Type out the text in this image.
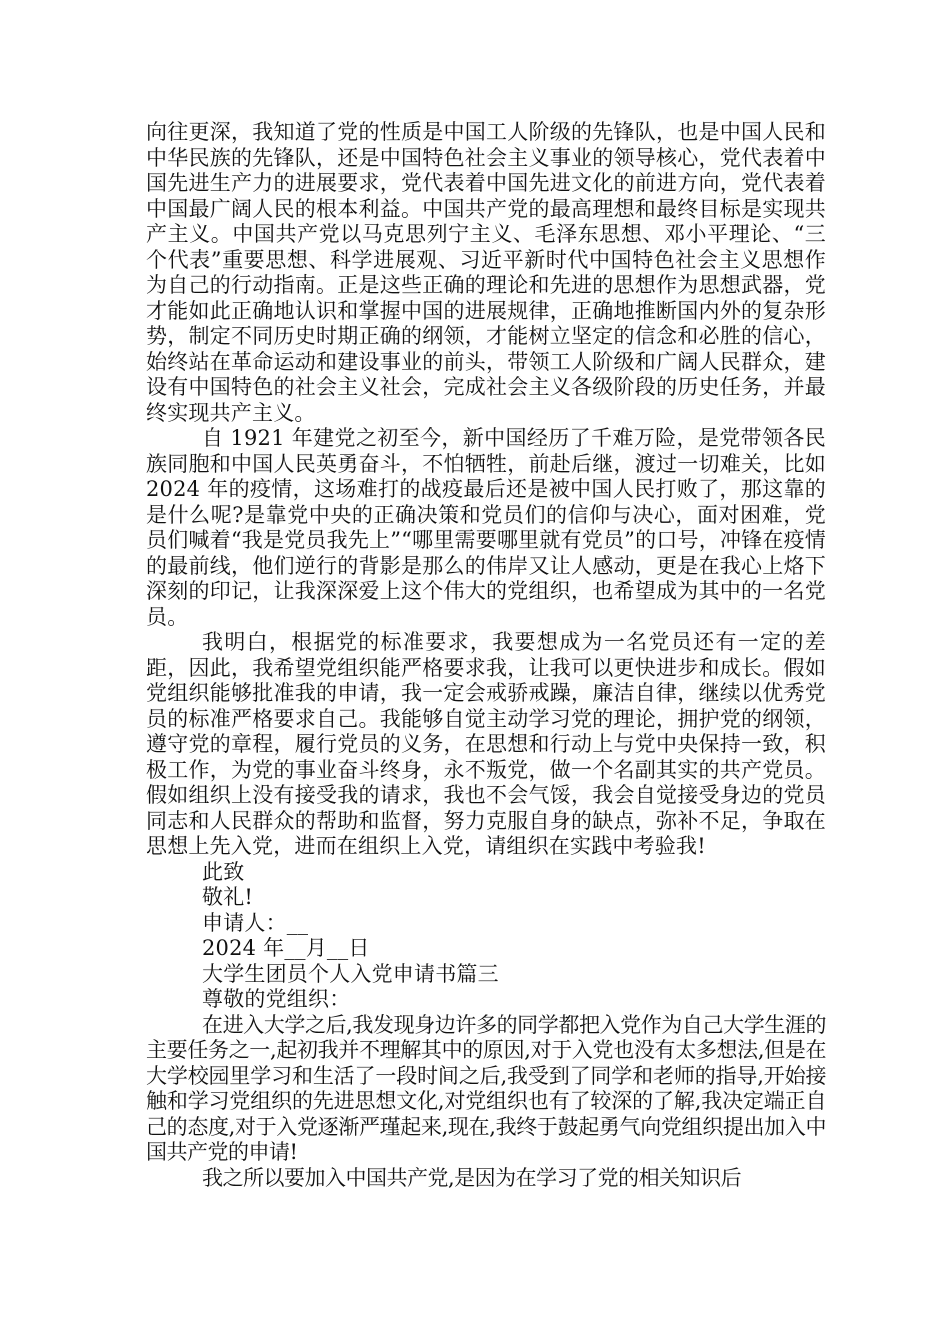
向往更深，我知道了党的性质是中国工人阶级的先锋队，也是中国人民和中华民族的先锋队，还是中国特色社会主义事业的领导核心，党代表着中国先进生产力的进展要求，党代表着中国先进文化的前进方向，党代表着中国最广阔人民的根本利益。中国共产党的最高理想和最终目标是实现共产主义。中国共产党以马克思列宁主义、毛泽东思想、邓小平理论、“三个代表”重要思想、科学进展观、习近平新时代中国特色社会主义思想作为自己的行动指南。正是这些正确的理论和先进的思想作为思想武器，党才能如此正确地认识和掌握中国的进展规律，正确地推断国内外的复杂形势，制定不同历史时期正确的纲领，才能树立坚定的信念和必胜的信心，始终站在革命运动和建设事业的前头，带领工人阶级和广阔人民群众，建设有中国特色的社会主义社会，完成社会主义各级阶段的历史任务，并最终实现共产主义。

自 1921 年建党之初至今，新中国经历了千难万险，是党带领各民族同胞和中国人民英勇奋斗，不怕牺牲，前赴后继，渡过一切难关，比如 2024 年的疫情，这场难打的战疫最后还是被中国人民打败了，那这靠的是什么呢?是靠党中央的正确决策和党员们的信仰与决心，面对困难，党员们喊着“我是党员我先上”“哪里需要哪里就有党员”的口号，冲锋在疫情的最前线，他们逆行的背影是那么的伟岸又让人感动，更是在我心上烙下深刻的印记，让我深深爱上这个伟大的党组织，也希望成为其中的一名党员。

我明白，根据党的标准要求，我要想成为一名党员还有一定的差距，因此，我希望党组织能严格要求我，让我可以更快进步和成长。假如党组织能够批准我的申请，我一定会戒骄戒躁，廉洁自律，继续以优秀党员的标准严格要求自己。我能够自觉主动学习党的理论，拥护党的纲领，遵守党的章程，履行党员的义务，在思想和行动上与党中央保持一致，积极工作，为党的事业奋斗终身，永不叛党，做一个名副其实的共产党员。假如组织上没有接受我的请求，我也不会气馁，我会自觉接受身边的党员同志和人民群众的帮助和监督，努力克服自身的缺点，弥补不足，争取在思想上先入党，进而在组织上入党，请组织在实践中考验我!

此致

敬礼!

申请人：__

2024 年__月__日

大学生团员个人入党申请书篇三

尊敬的党组织：

在进入大学之后,我发现身边许多的同学都把入党作为自己大学生涯的主要任务之一,起初我并不理解其中的原因,对于入党也没有太多想法,但是在大学校园里学习和生活了一段时间之后,我受到了同学和老师的指导,开始接触和学习党组织的先进思想文化,对党组织也有了较深的了解,我决定端正自己的态度,对于入党逐渐严瑾起来,现在,我终于鼓起勇气向党组织提出加入中国共产党的申请!

我之所以要加入中国共产党,是因为在学习了党的相关知识后
